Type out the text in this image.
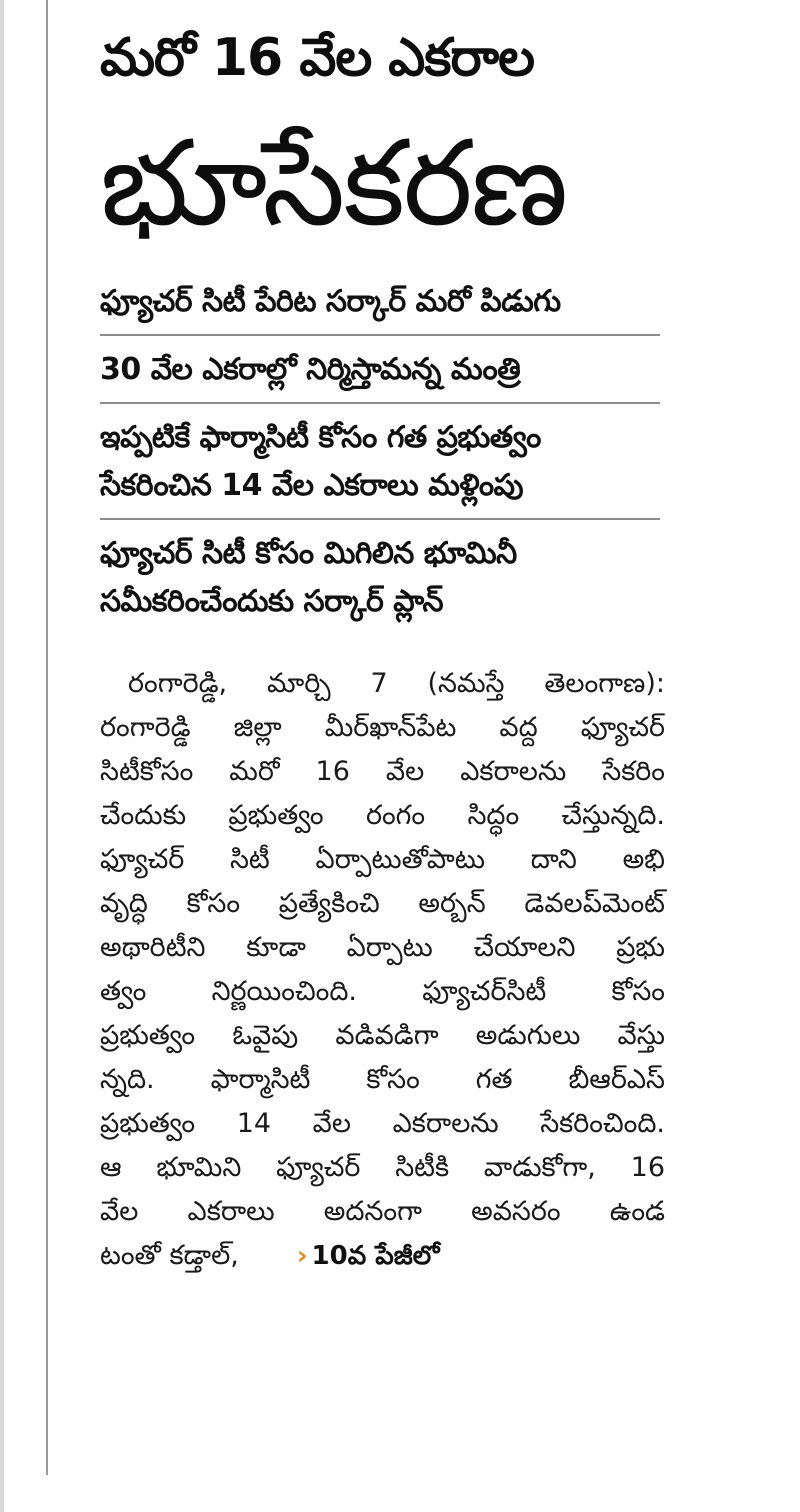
మరో 16 వేల ఎకరాల
భూసేకరణ
ఫ్యూచర్ సిటీ పేరిట సర్కార్ మరో పిడుగు
30 వేల ఎకరాల్లో నిర్మిస్తామన్న మంత్రి
ఇప్పటికే ఫార్మాసిటీ కోసం గత ప్రభుత్వం
సేకరించిన 14 వేల ఎకరాలు మళ్లింపు
ఫ్యూచర్ సిటీ కోసం మిగిలిన భూమినీ
సమీకరించేందుకు సర్కార్ ప్లాన్
రంగారెడ్డి, మార్చి 7 (నమస్తే తెలంగాణ):
రంగారెడ్డి జిల్లా మీర్‌ఖాన్‌పేట వద్ద ఫ్యూచర్
సిటీకోసం మరో 16 వేల ఎకరాలను సేకరిం
చేందుకు ప్రభుత్వం రంగం సిద్ధం చేస్తున్నది.
ఫ్యూచర్ సిటీ ఏర్పాటుతోపాటు దాని అభి
వృద్ధి కోసం ప్రత్యేకించి అర్బన్ డెవలప్‌మెంట్
అథారిటీని కూడా ఏర్పాటు చేయాలని ప్రభు
త్వం నిర్ణయించింది. ఫ్యూచర్‌సిటీ కోసం
ప్రభుత్వం ఓవైపు వడివడిగా అడుగులు వేస్తు
న్నది. ఫార్మాసిటీ కోసం గత బీఆర్‌ఎస్
ప్రభుత్వం 14 వేల ఎకరాలను సేకరించింది.
ఆ భూమిని ఫ్యూచర్ సిటీకి వాడుకోగా, 16
వేల ఎకరాలు అదనంగా అవసరం ఉండ
టంతో కడ్తాల్, › 10వ పేజీలో
